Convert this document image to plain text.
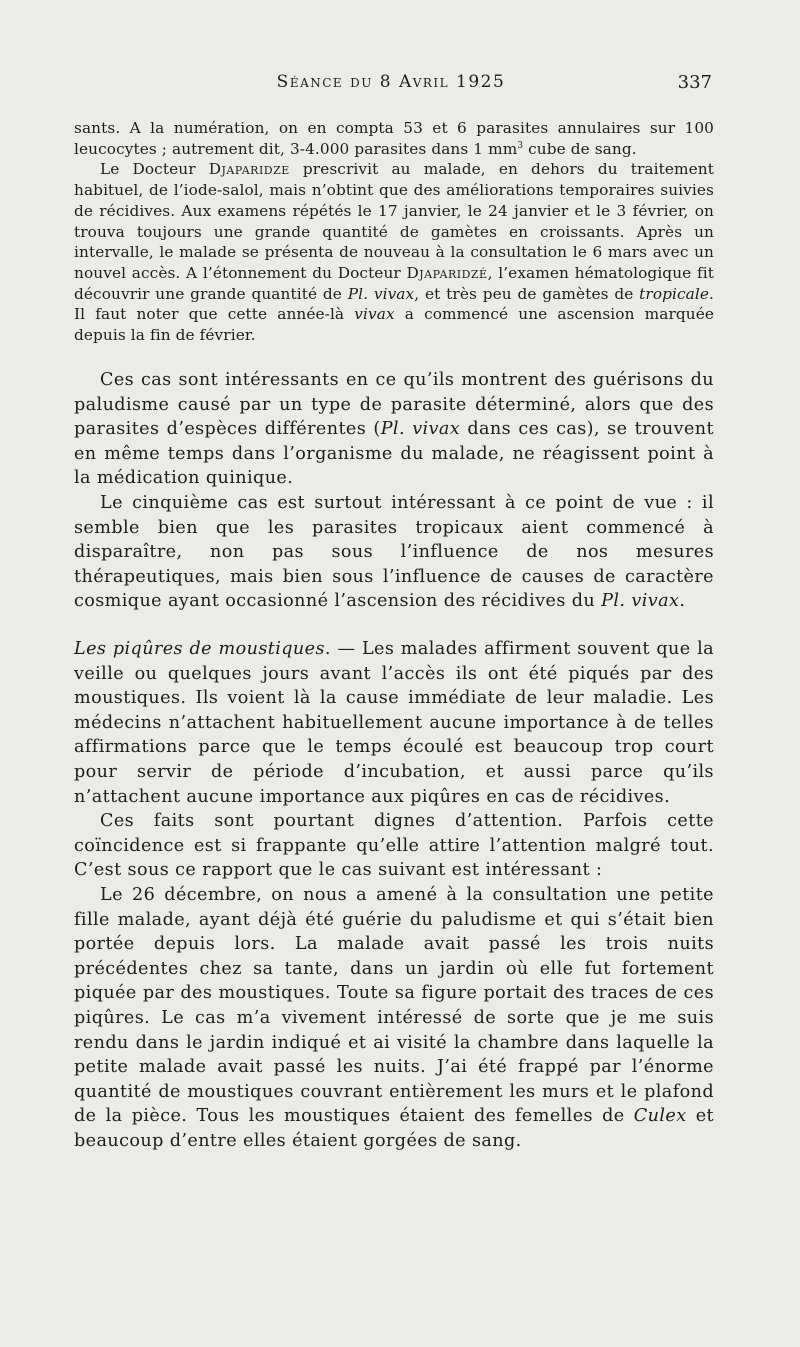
Séance du 8 Avril 1925	337

sants. A la numération, on en compta 53 et 6 parasites annulaires sur 100 leucocytes ; autrement dit, 3-4.000 parasites dans 1 $mm^3$ cube de sang.

Le Docteur Djaparidze prescrivit au malade, en dehors du traitement habituel, de l’iode-salol, mais n’obtint que des améliorations temporaires suivies de récidives. Aux examens répétés le 17 janvier, le 24 janvier et le 3 février, on trouva toujours une grande quantité de gamètes en croissants. Après un intervalle, le malade se présenta de nouveau à la consultation le 6 mars avec un nouvel accès. A l’étonnement du Docteur Djaparidzé, l’examen hématologique fit découvrir une grande quantité de Pl. vivax, et très peu de gamètes de tropicale. Il faut noter que cette année-là vivax a commencé une ascension marquée depuis la fin de février.

Ces cas sont intéressants en ce qu’ils montrent des guérisons du paludisme causé par un type de parasite déterminé, alors que des parasites d’espèces différentes (Pl. vivax dans ces cas), se trouvent en même temps dans l’organisme du malade, ne réagissent point à la médication quinique.

Le cinquième cas est surtout intéressant à ce point de vue : il semble bien que les parasites tropicaux aient commencé à disparaître, non pas sous l’influence de nos mesures thérapeutiques, mais bien sous l’influence de causes de caractère cosmique ayant occasionné l’ascension des récidives du Pl. vivax.

Les piqûres de moustiques. — Les malades affirment souvent que la veille ou quelques jours avant l’accès ils ont été piqués par des moustiques. Ils voient là la cause immédiate de leur maladie. Les médecins n’attachent habituellement aucune importance à de telles affirmations parce que le temps écoulé est beaucoup trop court pour servir de période d’incubation, et aussi parce qu’ils n’attachent aucune importance aux piqûres en cas de récidives.

Ces faits sont pourtant dignes d’attention. Parfois cette coïncidence est si frappante qu’elle attire l’attention malgré tout. C’est sous ce rapport que le cas suivant est intéressant :

Le 26 décembre, on nous a amené à la consultation une petite fille malade, ayant déjà été guérie du paludisme et qui s’était bien portée depuis lors. La malade avait passé les trois nuits précédentes chez sa tante, dans un jardin où elle fut fortement piquée par des moustiques. Toute sa figure portait des traces de ces piqûres. Le cas m’a vivement intéressé de sorte que je me suis rendu dans le jardin indiqué et ai visité la chambre dans laquelle la petite malade avait passé les nuits. J’ai été frappé par l’énorme quantité de moustiques couvrant entièrement les murs et le plafond de la pièce. Tous les moustiques étaient des femelles de Culex et beaucoup d’entre elles étaient gorgées de sang.
